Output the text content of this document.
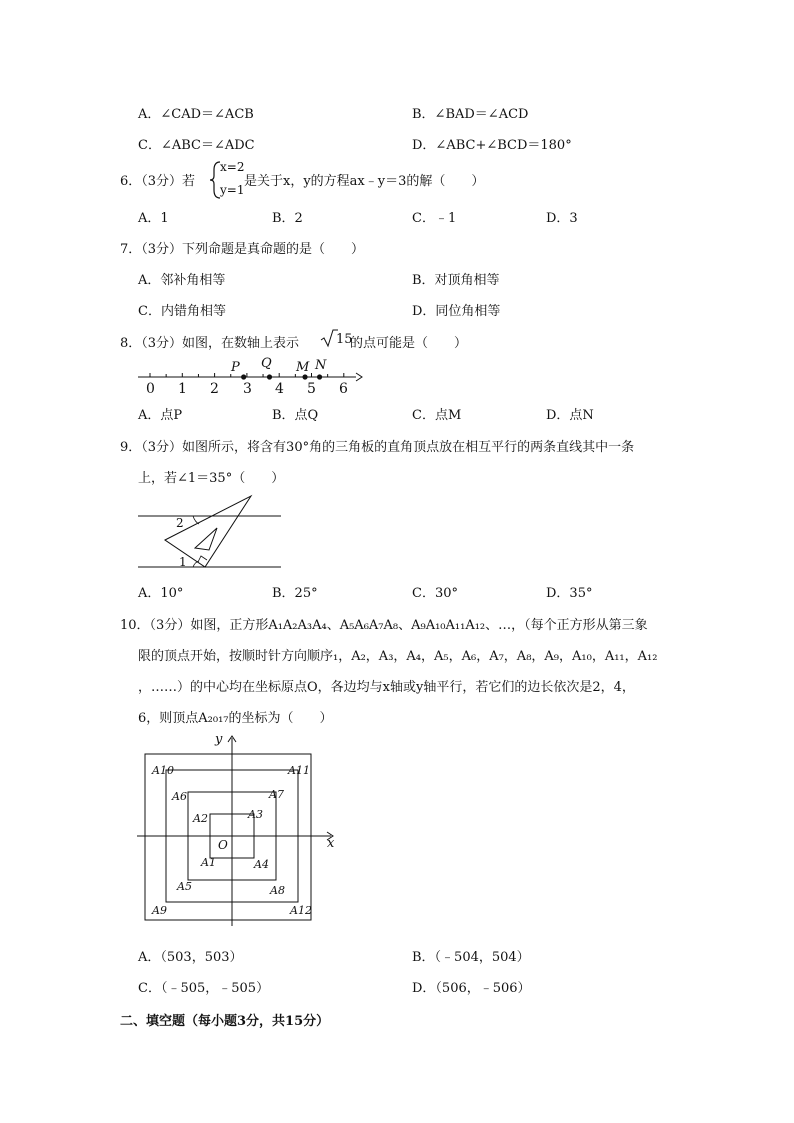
A．∠CAD＝∠ACB	B．∠BAD＝∠ACD
C．∠ABC＝∠ADC	D．∠ABC+∠BCD＝180°
6．（3分）若
x=2
y=1
是关于x，y的方程ax﹣y＝3的解（　　）
A．1	B．2	C．﹣1	D．3
7．（3分）下列命题是真命题的是（　　）
A．邻补角相等	B．对顶角相等
C．内错角相等	D．同位角相等
8．（3分）如图，在数轴上表示	15
的点可能是（　　）
0 1 2 3 4 5 6
P Q M N
A．点P	B．点Q	C．点M	D．点N
9．（3分）如图所示，将含有30°角的三角板的直角顶点放在相互平行的两条直线其中一条
上，若∠1＝35°（　　）
2
1
A．10°	B．25°	C．30°	D．35°
10．（3分）如图，正方形A₁A₂A₃A₄、A₅A₆A₇A₈、A₉A₁₀A₁₁A₁₂、…，（每个正方形从第三象
限的顶点开始，按顺时针方向顺序₁，A₂，A₃，A₄，A₅，A₆，A₇，A₈，A₉，A₁₀，A₁₁，A₁₂
，……）的中心均在坐标原点O，各边均与x轴或y轴平行，若它们的边长依次是2，4，
6，则顶点A₂₀₁₇的坐标为（　　）
y
x
O
A1
A2	A3
A4
A5
A6	A7
A8
A9
A10	A11
A12
A．（503，503）	B．（﹣504，504）
C．（﹣505，﹣505）	D．（506，﹣506）
二、填空题（每小题3分，共15分）
